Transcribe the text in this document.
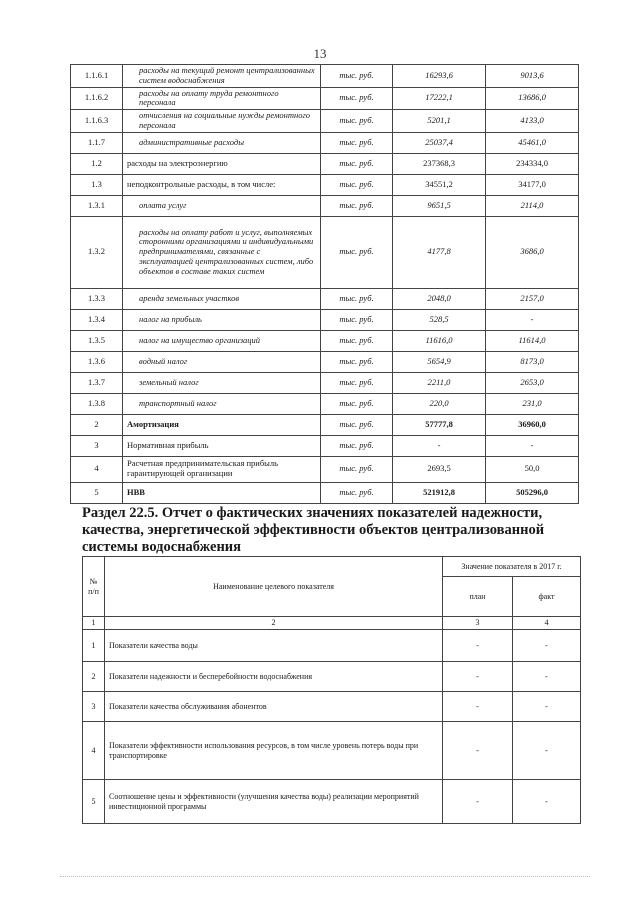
13
1.1.6.1	расходы на текущий ремонт централизованных систем водоснабжения	тыс. руб.	16293,6	9013,6
1.1.6.2	расходы на оплату труда ремонтного персонала	тыс. руб.	17222,1	13686,0
1.1.6.3	отчисления на социальные нужды ремонтного персонала	тыс. руб.	5201,1	4133,0
1.1.7	административные расходы	тыс. руб.	25037,4	45461,0
1.2	расходы на электроэнергию	тыс. руб.	237368,3	234334,0
1.3	неподконтрольные расходы, в том числе:	тыс. руб.	34551,2	34177,0
1.3.1	оплата услуг	тыс. руб.	9651,5	2114,0
1.3.2	расходы на оплату работ и услуг, выполняемых сторонними организациями и индивидуальными предпринимателями, связанные с эксплуатацией централизованных систем, либо объектов в составе таких систем	тыс. руб.	4177,8	3686,0
1.3.3	аренда земельных участков	тыс. руб.	2048,0	2157,0
1.3.4	налог на прибыль	тыс. руб.	528,5	-
1.3.5	налог на имущество организаций	тыс. руб.	11616,0	11614,0
1.3.6	водный налог	тыс. руб.	5654,9	8173,0
1.3.7	земельный налог	тыс. руб.	2211,0	2653,0
1.3.8	транспортный налог	тыс. руб.	220,0	231,0
2	Амортизация	тыс. руб.	57777,8	36960,0
3	Нормативная прибыль	тыс. руб.	-	-
4	Расчетная предпринимательская прибыль гарантирующей организации	тыс. руб.	2693,5	50,0
5	НВВ	тыс. руб.	521912,8	505296,0
Раздел 22.5. Отчет о фактических значениях показателей надежности,
качества, энергетической эффективности объектов централизованной
системы водоснабжения
№ п/п	Наименование целевого показателя	Значение показателя в 2017 г.	
		план	факт
1	2	3	4
1	Показатели качества воды	-	-
2	Показатели надежности и бесперебойности водоснабжения	-	-
3	Показатели качества обслуживания абонентов	-	-
4	Показатели эффективности использования ресурсов, в том числе уровень потерь воды при транспортировке	-	-
5	Соотношение цены и эффективности (улучшения качества воды) реализации мероприятий инвестиционной программы	-	-
